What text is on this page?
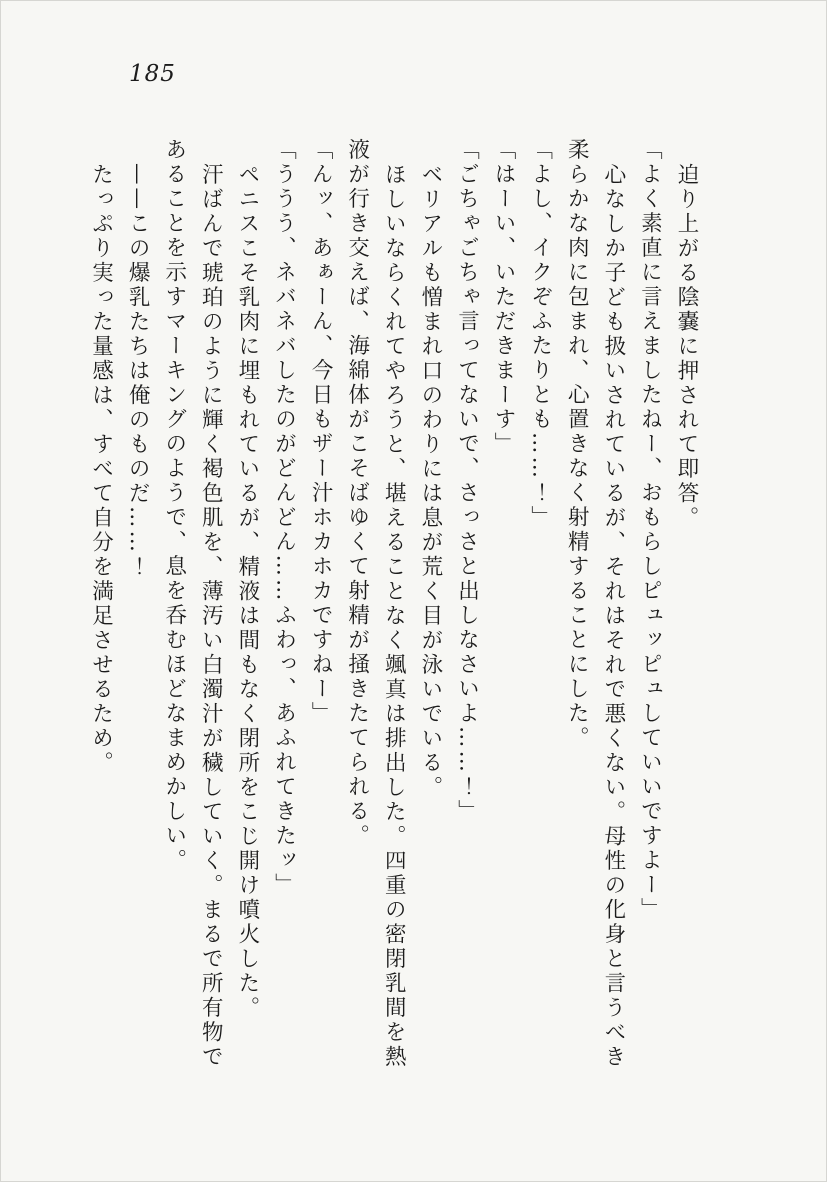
185

迫り上がる陰嚢に押されて即答。

「よく素直に言えましたねー、おもらしピュッピュしていいですよー」

心なしか子ども扱いされているが、それはそれで悪くない。母性の化身と言うべき柔らかな肉に包まれ、心置きなく射精することにした。

「よし、イクぞふたりとも……！」

「はーい、いただきまーす」

「ごちゃごちゃ言ってないで、さっさと出しなさいよ……！」

ベリアルも憎まれ口のわりには息が荒く目が泳いでいる。

ほしいならくれてやろうと、堪えることなく颯真は排出した。四重の密閉乳間を熱液が行き交えば、海綿体がこそばゆくて射精が掻きたてられる。

「んッ、あぁーん、今日もザー汁ホカホカですねー」

「ううう、ネバネバしたのがどんどん……ふわっ、あふれてきたッ」

ペニスこそ乳肉に埋もれているが、精液は間もなく閉所をこじ開け噴火した。

汗ばんで琥珀のように輝く褐色肌を、薄汚い白濁汁が穢していく。まるで所有物であることを示すマーキングのようで、息を呑むほどなまめかしい。

——この爆乳たちは俺のものだ……！

たっぷり実った量感は、すべて自分を満足させるため。
